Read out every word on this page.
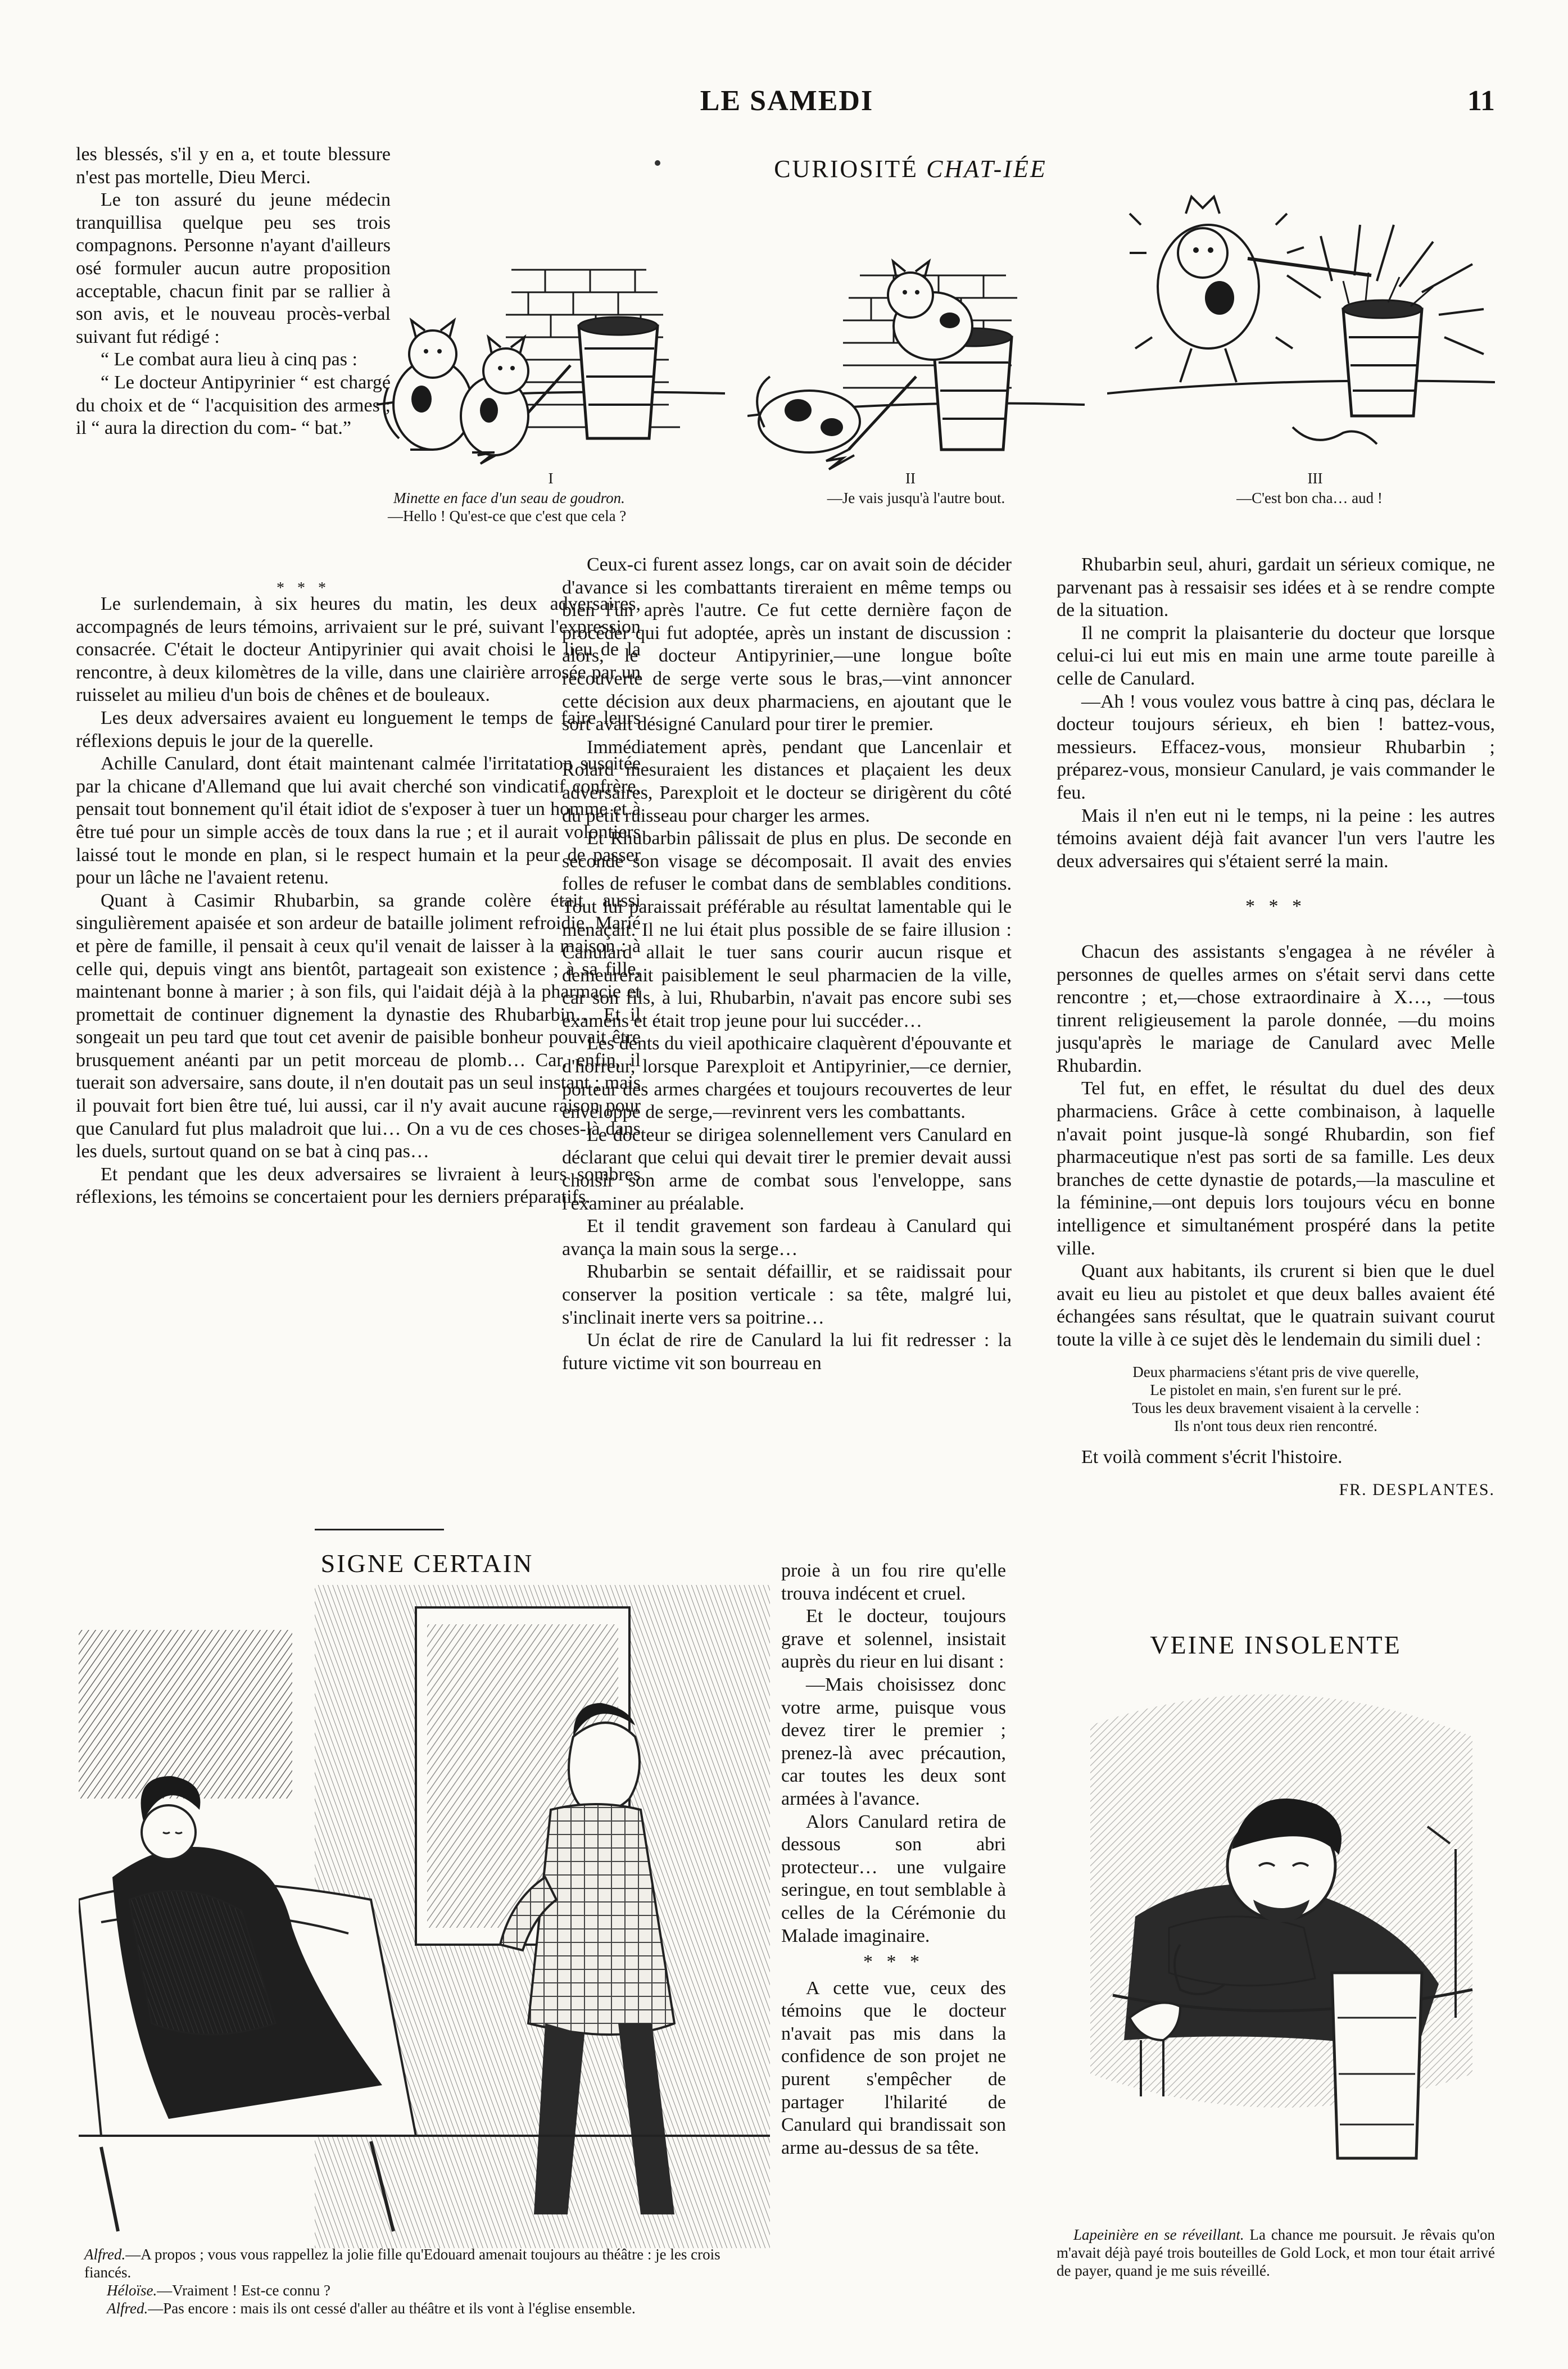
LE SAMEDI	11
CURIOSITÉ CHAT-IÉE
I
Minette en face d'un seau de goudron.
—Hello ! Qu'est-ce que c'est que cela ?
II
—Je vais jusqu'à l'autre bout.
III
—C'est bon cha… aud !

les blessés, s'il y en a, et toute blessure n'est pas mortelle, Dieu Merci.

Le ton assuré du jeune médecin tranquillisa quelque peu ses trois compagnons. Personne n'ayant d'ailleurs osé formuler aucun autre proposition acceptable, chacun finit par se rallier à son avis, et le nouveau procès-verbal suivant fut rédigé :

“ Le combat aura lieu à cinq pas :

“ Le docteur Antipyrinier “ est chargé du choix et de “ l'acquisition des armes ; il “ aura la direction du com- “ bat.”

* * *

Le surlendemain, à six heures du matin, les deux adversaires, accompagnés de leurs témoins, arrivaient sur le pré, suivant l'expression consacrée. C'était le docteur Antipyrinier qui avait choisi le lieu de la rencontre, à deux kilomètres de la ville, dans une clairière arrosée par un ruisselet au milieu d'un bois de chênes et de bouleaux.

Les deux adversaires avaient eu longuement le temps de faire leurs réflexions depuis le jour de la querelle.

Achille Canulard, dont était maintenant calmée l'irritatation suscitée par la chicane d'Allemand que lui avait cherché son vindicatif confrère, pensait tout bonnement qu'il était idiot de s'exposer à tuer un homme et à être tué pour un simple accès de toux dans la rue ; et il aurait volontiers laissé tout le monde en plan, si le respect humain et la peur de passer pour un lâche ne l'avaient retenu.

Quant à Casimir Rhubarbin, sa grande colère était aussi singulièrement apaisée et son ardeur de bataille joliment refroidie. Marié et père de famille, il pensait à ceux qu'il venait de laisser à la maison : à celle qui, depuis vingt ans bientôt, partageait son existence ; à sa fille, maintenant bonne à marier ; à son fils, qui l'aidait déjà à la pharmacie et promettait de continuer dignement la dynastie des Rhubarbin… Et il songeait un peu tard que tout cet avenir de paisible bonheur pouvait être brusquement anéanti par un petit morceau de plomb… Car, enfin, il tuerait son adversaire, sans doute, il n'en doutait pas un seul instant ; mais il pouvait fort bien être tué, lui aussi, car il n'y avait aucune raison pour que Canulard fut plus maladroit que lui… On a vu de ces choses-là dans les duels, surtout quand on se bat à cinq pas…

Et pendant que les deux adversaires se livraient à leurs sombres réflexions, les témoins se concertaient pour les derniers préparatifs.

Ceux-ci furent assez longs, car on avait soin de décider d'avance si les combattants tireraient en même temps ou bien l'un après l'autre. Ce fut cette dernière façon de procéder qui fut adoptée, après un instant de discussion : alors, le docteur Antipyrinier,—une longue boîte recouverte de serge verte sous le bras,—vint annoncer cette décision aux deux pharmaciens, en ajoutant que le sort avait désigné Canulard pour tirer le premier.

Immédiatement après, pendant que Lancenlair et Rolard mesuraient les distances et plaçaient les deux adversaires, Parexploit et le docteur se dirigèrent du côté du petit ruisseau pour charger les armes.

Et Rhubarbin pâlissait de plus en plus. De seconde en seconde son visage se décomposait. Il avait des envies folles de refuser le combat dans de semblables conditions. Tout lui paraissait préférable au résultat lamentable qui le menaçait. Il ne lui était plus possible de se faire illusion : Canulard allait le tuer sans courir aucun risque et demeurerait paisiblement le seul pharmacien de la ville, car son fils, à lui, Rhubarbin, n'avait pas encore subi ses examens et était trop jeune pour lui succéder…

Les dents du vieil apothicaire claquèrent d'épouvante et d'horreur, lorsque Parexploit et Antipyrinier,—ce dernier, porteur des armes chargées et toujours recouvertes de leur enveloppe de serge,—revinrent vers les combattants.

Le docteur se dirigea solennellement vers Canulard en déclarant que celui qui devait tirer le premier devait aussi choisir son arme de combat sous l'enveloppe, sans l'examiner au préalable.

Et il tendit gravement son fardeau à Canulard qui avança la main sous la serge…

Rhubarbin se sentait défaillir, et se raidissait pour conserver la position verticale : sa tête, malgré lui, s'inclinait inerte vers sa poitrine…

Un éclat de rire de Canulard la lui fit redresser : la future victime vit son bourreau en

proie à un fou rire qu'elle trouva indécent et cruel.

Et le docteur, toujours grave et solennel, insistait auprès du rieur en lui disant :

—Mais choisissez donc votre arme, puisque vous devez tirer le premier ; prenez-là avec précaution, car toutes les deux sont armées à l'avance.

Alors Canulard retira de dessous son abri protecteur… une vulgaire seringue, en tout semblable à celles de la Cérémonie du Malade imaginaire.

* * *

A cette vue, ceux des témoins que le docteur n'avait pas mis dans la confidence de son projet ne purent s'empêcher de partager l'hilarité de Canulard qui brandissait son arme au-dessus de sa tête.

Rhubarbin seul, ahuri, gardait un sérieux comique, ne parvenant pas à ressaisir ses idées et à se rendre compte de la situation.

Il ne comprit la plaisanterie du docteur que lorsque celui-ci lui eut mis en main une arme toute pareille à celle de Canulard.

—Ah ! vous voulez vous battre à cinq pas, déclara le docteur toujours sérieux, eh bien ! battez-vous, messieurs. Effacez-vous, monsieur Rhubarbin ; préparez-vous, monsieur Canulard, je vais commander le feu.

Mais il n'en eut ni le temps, ni la peine : les autres témoins avaient déjà fait avancer l'un vers l'autre les deux adversaires qui s'étaient serré la main.

* * *

Chacun des assistants s'engagea à ne révéler à personnes de quelles armes on s'était servi dans cette rencontre ; et,—chose extraordinaire à X…, —tous tinrent religieusement la parole donnée, —du moins jusqu'après le mariage de Canulard avec Melle Rhubardin.

Tel fut, en effet, le résultat du duel des deux pharmaciens. Grâce à cette combinaison, à laquelle n'avait point jusque-là songé Rhubardin, son fief pharmaceutique n'est pas sorti de sa famille. Les deux branches de cette dynastie de potards,—la masculine et la féminine,—ont depuis lors toujours vécu en bonne intelligence et simultanément prospéré dans la petite ville.

Quant aux habitants, ils crurent si bien que le duel avait eu lieu au pistolet et que deux balles avaient été échangées sans résultat, que le quatrain suivant courut toute la ville à ce sujet dès le lendemain du simili duel :

Deux pharmaciens s'étant pris de vive querelle,
Le pistolet en main, s'en furent sur le pré.
Tous les deux bravement visaient à la cervelle :
Ils n'ont tous deux rien rencontré.

Et voilà comment s'écrit l'histoire.

FR. DESPLANTES.
SIGNE CERTAIN
Alfred.—A propos ; vous vous rappellez la jolie fille qu'Edouard amenait toujours au théâtre : je les crois fiancés.
Héloïse.—Vraiment ! Est-ce connu ?
Alfred.—Pas encore : mais ils ont cessé d'aller au théâtre et ils vont à l'église ensemble.
VEINE INSOLENTE
Lapeinière en se réveillant. La chance me poursuit. Je rêvais qu'on m'avait déjà payé trois bouteilles de Gold Lock, et mon tour était arrivé de payer, quand je me suis réveillé.
